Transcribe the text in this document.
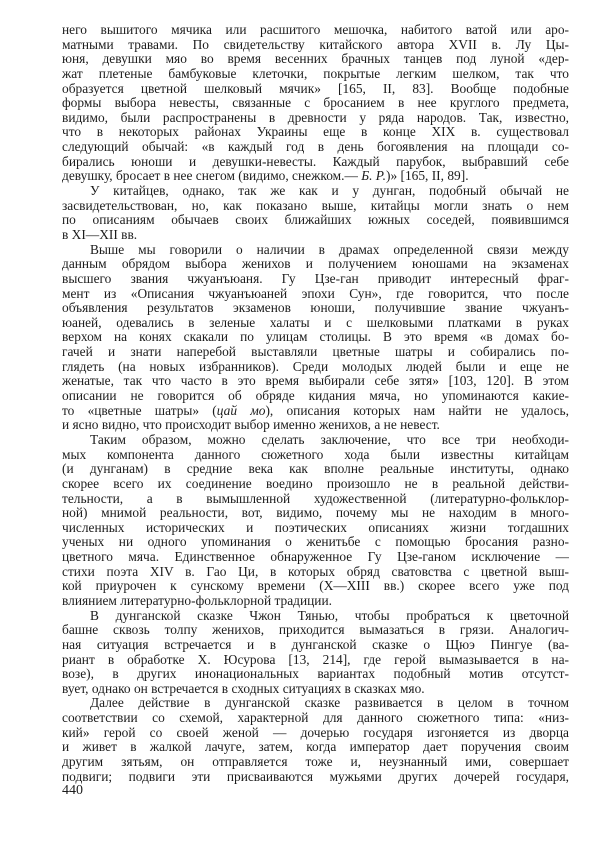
него вышитого мячика или расшитого мешочка, набитого ватой или аро-
матными травами. По свидетельству китайского автора XVII в. Лу Цы-
юня, девушки мяо во время весенних брачных танцев под луной «дер-
жат плетеные бамбуковые клеточки, покрытые легким шелком, так что
образуется цветной шелковый мячик» [165, II, 83]. Вообще подобные
формы выбора невесты, связанные с бросанием в нее круглого предмета,
видимо, были распространены в древности у ряда народов. Так, известно,
что в некоторых районах Украины еще в конце XIX в. существовал
следующий обычай: «в каждый год в день богоявления на площади со-
бирались юноши и девушки-невесты. Каждый парубок, выбравший себе
девушку, бросает в нее снегом (видимо, снежком.— Б. Р.)» [165, II, 89].
У китайцев, однако, так же как и у дунган, подобный обычай не
засвидетельствован, но, как показано выше, китайцы могли знать о нем
по описаниям обычаев своих ближайших южных соседей, появившимся
в XI—XII вв.
Выше мы говорили о наличии в драмах определенной связи между
данным обрядом выбора женихов и получением юношами на экзаменах
высшего звания чжуанъюаня. Гу Цзе-ган приводит интересный фраг-
мент из «Описания чжуанъюаней эпохи Сун», где говорится, что после
объявления результатов экзаменов юноши, получившие звание чжуанъ-
юаней, одевались в зеленые халаты и с шелковыми платками в руках
верхом на конях скакали по улицам столицы. В это время «в домах бо-
гачей и знати наперебой выставляли цветные шатры и собирались по-
глядеть (на новых избранников). Среди молодых людей были и еще не
женатые, так что часто в это время выбирали себе зятя» [103, 120]. В этом
описании не говорится об обряде кидания мяча, но упоминаются какие-
то «цветные шатры» (цай мо), описания которых нам найти не удалось,
и ясно видно, что происходит выбор именно женихов, а не невест.
Таким образом, можно сделать заключение, что все три необходи-
мых компонента данного сюжетного хода были известны китайцам
(и дунганам) в средние века как вполне реальные институты, однако
скорее всего их соединение воедино произошло не в реальной действи-
тельности, а в вымышленной художественной (литературно-фольклор-
ной) мнимой реальности, вот, видимо, почему мы не находим в много-
численных исторических и поэтических описаниях жизни тогдашних
ученых ни одного упоминания о женитьбе с помощью бросания разно-
цветного мяча. Единственное обнаруженное Гу Цзе-ганом исключение —
стихи поэта XIV в. Гао Ци, в которых обряд сватовства с цветной выш-
кой приурочен к сунскому времени (X—XIII вв.) скорее всего уже под
влиянием литературно-фольклорной традиции.
В дунганской сказке Чжон Тянью, чтобы пробраться к цветочной
башне сквозь толпу женихов, приходится вымазаться в грязи. Аналогич-
ная ситуация встречается и в дунганской сказке о Щюэ Пингуе (ва-
риант в обработке Х. Юсурова [13, 214], где герой вымазывается в на-
возе), в других инонациональных вариантах подобный мотив отсутст-
вует, однако он встречается в сходных ситуациях в сказках мяо.
Далее действие в дунганской сказке развивается в целом в точном
соответствии со схемой, характерной для данного сюжетного типа: «низ-
кий» герой со своей женой — дочерью государя изгоняется из дворца
и живет в жалкой лачуге, затем, когда император дает поручения своим
другим зятьям, он отправляется тоже и, неузнанный ими, совершает
подвиги; подвиги эти присваиваются мужьями других дочерей государя,
440
